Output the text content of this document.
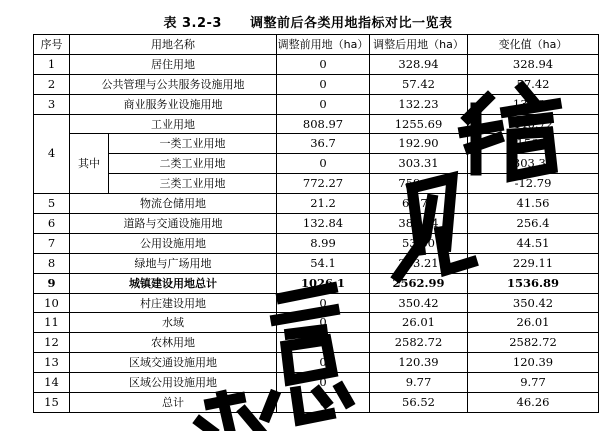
表 3.2-3 调整前后各类用地指标对比一览表
序号	用地名称		调整前用地（ha）	调整后用地（ha）	变化值（ha）
1	居住用地		0	328.94	328.94
2	公共管理与公共服务设施用地		0	57.42	57.42
3	商业服务业设施用地		0	132.23	132.23
4	工业用地		808.97	1255.69	446.72
	其中	一类工业用地	36.7	192.90	156.2
		二类工业用地	0	303.31	303.31
		三类工业用地	772.27	759.48	-12.79
5	物流仓储用地		21.2	62.76	41.56
6	道路与交通设施用地		132.84	389.24	256.4
7	公用设施用地		8.99	53.50	44.51
8	绿地与广场用地		54.1	283.21	229.11
9	城镇建设用地总计		1026.1	2562.99	1536.89
10	村庄建设用地		0	350.42	350.42
11	水域		0	26.01	26.01
12	农林用地		0	2582.72	2582.72
13	区域交通设施用地		0	120.39	120.39
14	区域公用设施用地		0	9.77	9.77
15	总计		0	56.52	46.26
